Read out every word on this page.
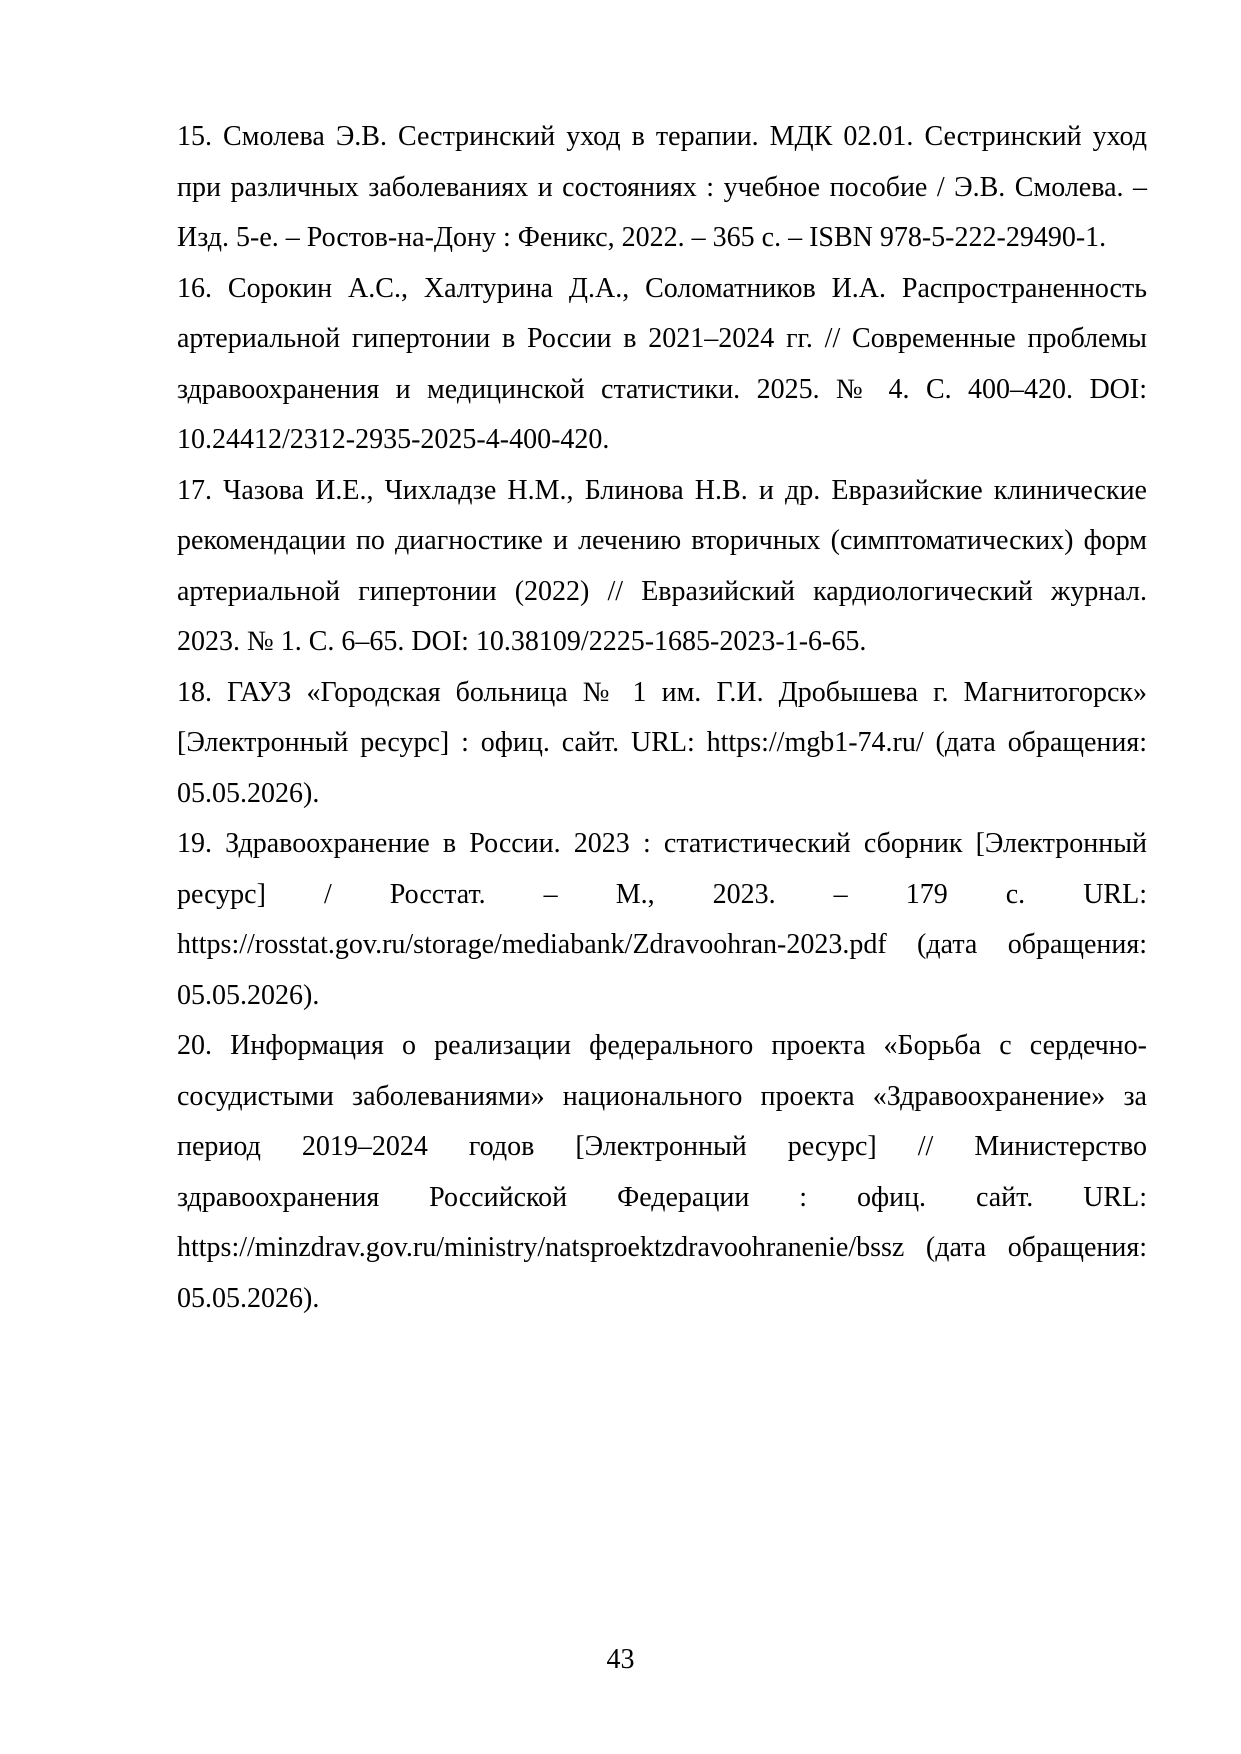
15. Смолева Э.В. Сестринский уход в терапии. МДК 02.01. Сестринский уход при различных заболеваниях и состояниях : учебное пособие / Э.В. Смолева. – Изд. 5-е. – Ростов-на-Дону : Феникс, 2022. – 365 с. – ISBN 978-5-222-29490-1.

16. Сорокин А.С., Халтурина Д.А., Соломатников И.А. Распространенность артериальной гипертонии в России в 2021–2024 гг. // Современные проблемы здравоохранения и медицинской статистики. 2025. № 4. С. 400–420. DOI: 10.24412/2312-2935-2025-4-400-420.

17. Чазова И.Е., Чихладзе Н.М., Блинова Н.В. и др. Евразийские клинические рекомендации по диагностике и лечению вторичных (симптоматических) форм артериальной гипертонии (2022) // Евразийский кардиологический журнал. 2023. № 1. С. 6–65. DOI: 10.38109/2225-1685-2023-1-6-65.

18. ГАУЗ «Городская больница № 1 им. Г.И. Дробышева г. Магнитогорск» [Электронный ресурс] : офиц. сайт. URL: https://mgb1-74.ru/ (дата обращения: 05.05.2026).

19. Здравоохранение в России. 2023 : статистический сборник [Электронный ресурс] / Росстат. – М., 2023. – 179 с. URL: https://rosstat.gov.ru/storage/mediabank/Zdravoohran-2023.pdf (дата обращения: 05.05.2026).

20. Информация о реализации федерального проекта «Борьба с сердечно-сосудистыми заболеваниями» национального проекта «Здравоохранение» за период 2019–2024 годов [Электронный ресурс] // Министерство здравоохранения Российской Федерации : офиц. сайт. URL: https://minzdrav.gov.ru/ministry/natsproektzdravoohranenie/bssz (дата обращения: 05.05.2026).

43
